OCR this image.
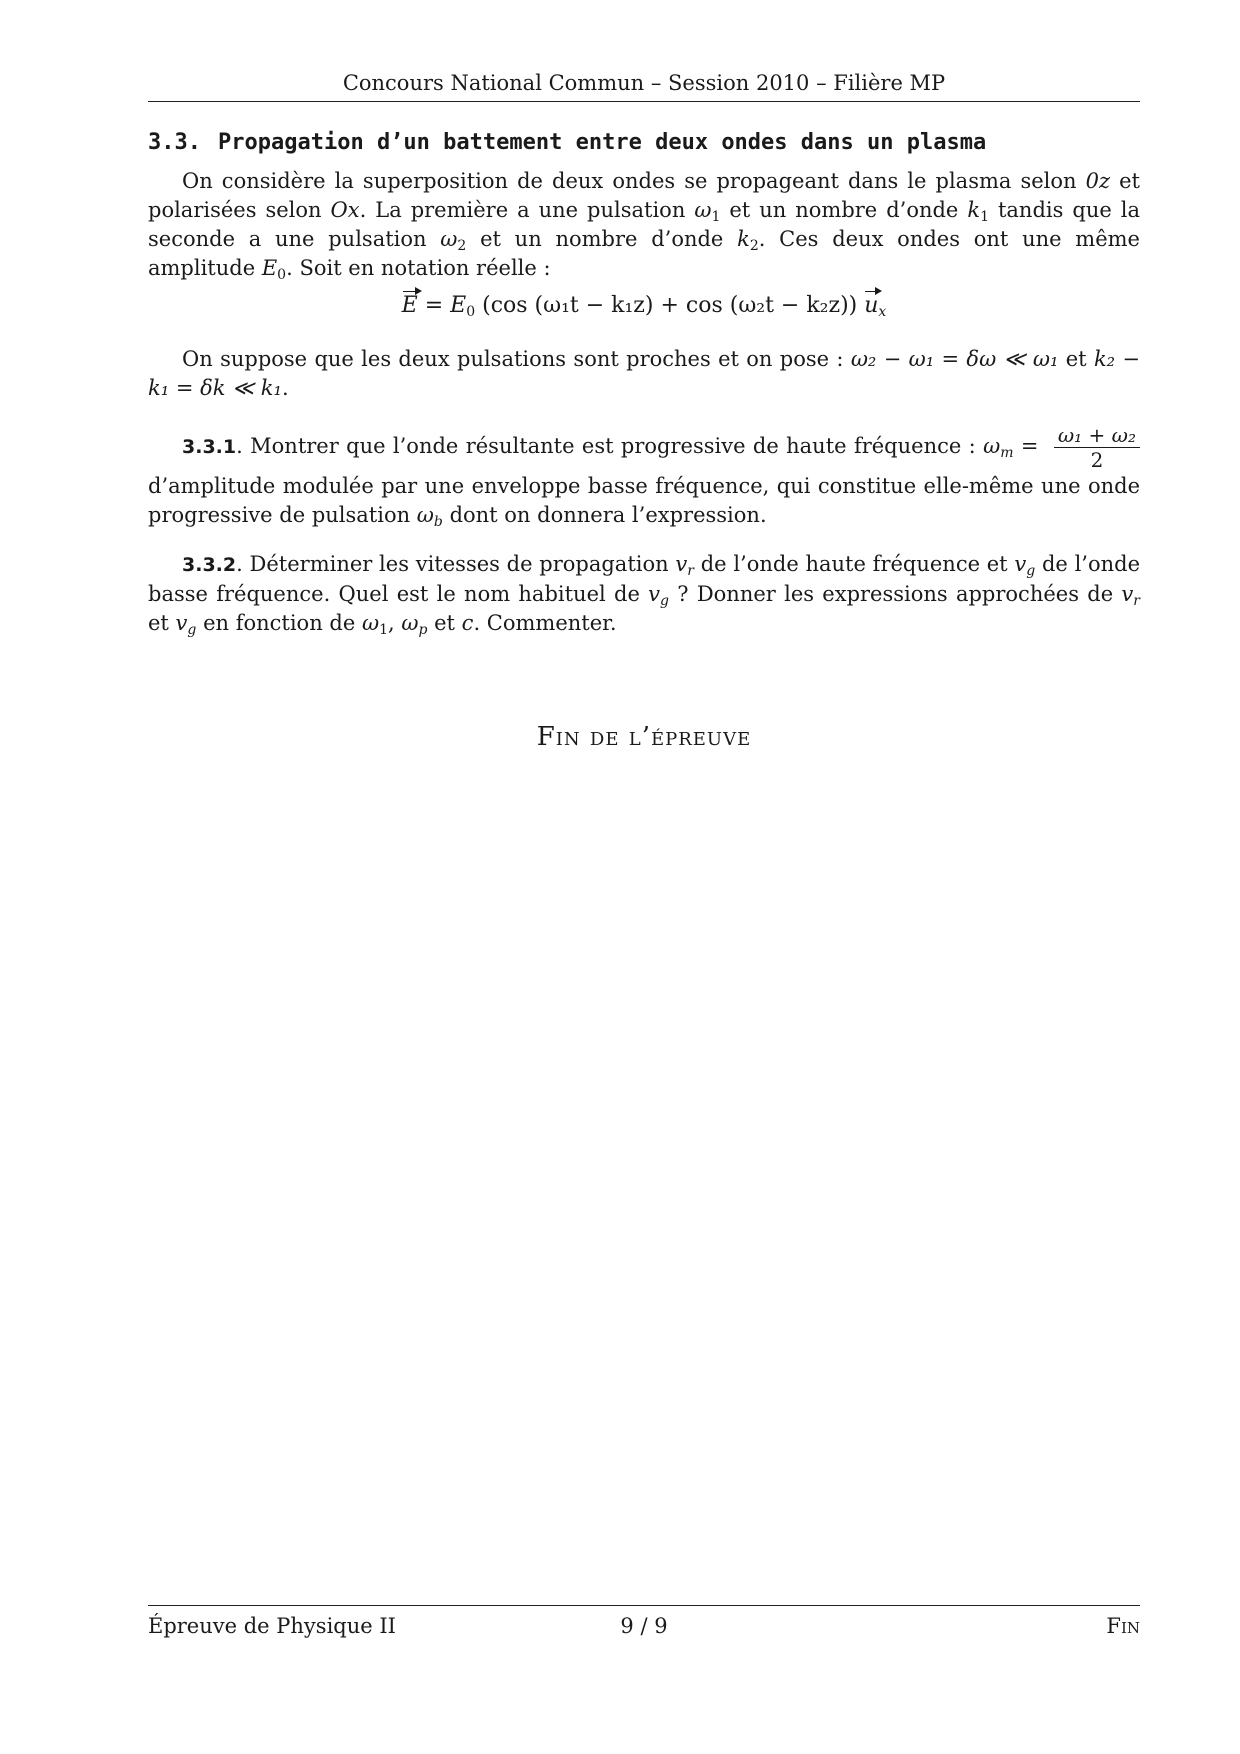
Concours National Commun – Session 2010 – Filière MP
3.3. Propagation d’un battement entre deux ondes dans un plasma

On considère la superposition de deux ondes se propageant dans le plasma selon 0z et polarisées selon Ox. La première a une pulsation $\omega_1$ et un nombre d’onde $k_1$ tandis que la seconde a une pulsation $\omega_2$ et un nombre d’onde $k_2$. Ces deux ondes ont une même amplitude $E_0$. Soit en notation réelle :

$E = E_0$ (cos (ω₁t − k₁z) + cos (ω₂t − k₂z)) $u_x$

On suppose que les deux pulsations sont proches et on pose : ω₂ − ω₁ = δω ≪ ω₁ et k₂ − k₁ = δk ≪ k₁.

3.3.1. Montrer que l’onde résultante est progressive de haute fréquence : $\omega_m = \frac{\text{ω₁ + ω₂}}{2}$
d’amplitude modulée par une enveloppe basse fréquence, qui constitue elle-même une onde progressive de pulsation $\omega_b$ dont on donnera l’expression.

3.3.2. Déterminer les vitesses de propagation $v_r$ de l’onde haute fréquence et $v_g$ de l’onde basse fréquence. Quel est le nom habituel de $v_g$ ? Donner les expressions approchées de $v_r$ et $v_g$ en fonction de $\omega_1$, $\omega_p$ et c. Commenter.

Fin de l’épreuve
Épreuve de Physique II	9 / 9	Fin
